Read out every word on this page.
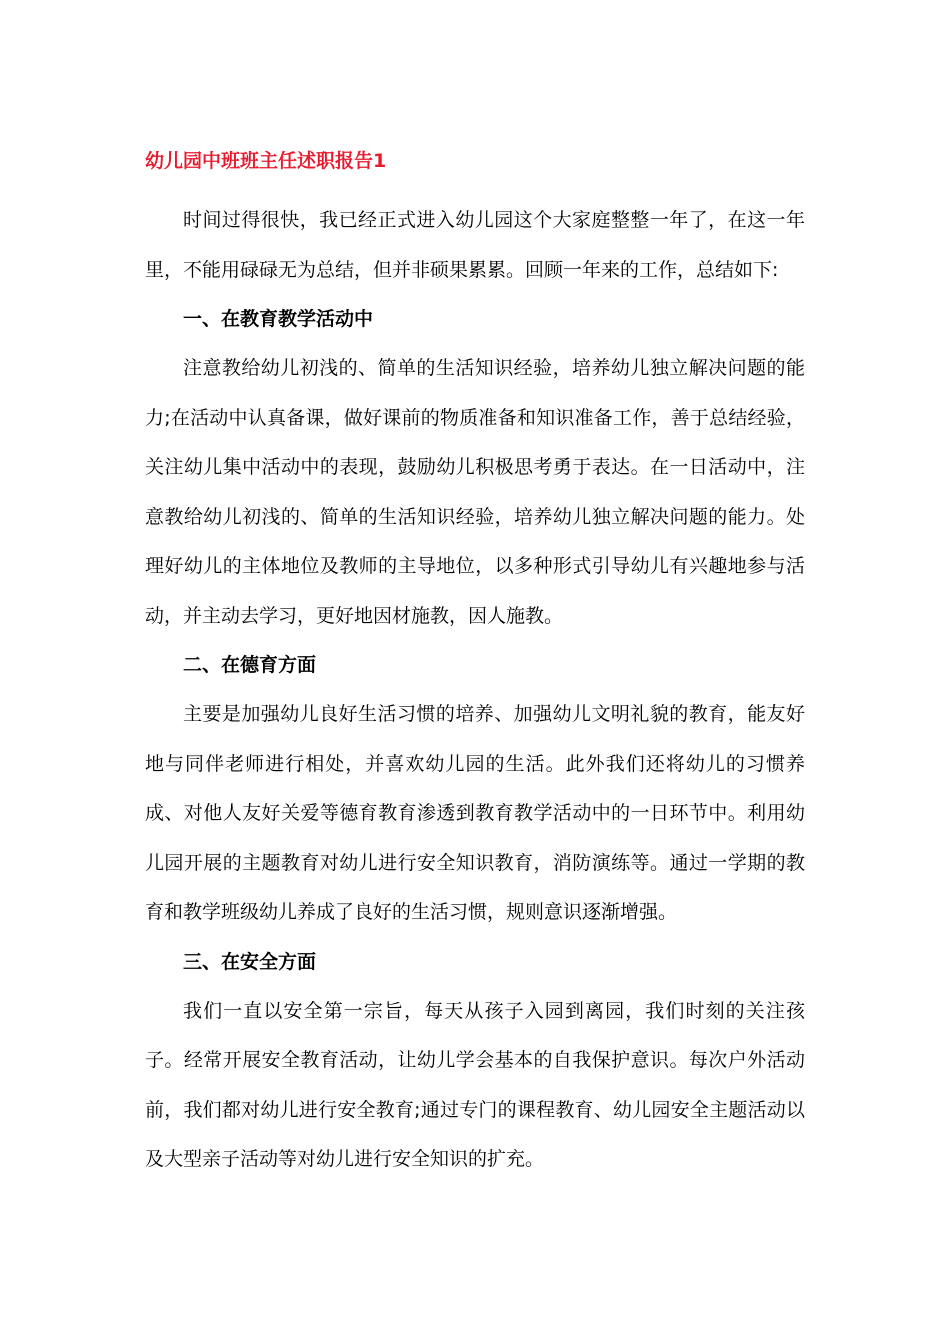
幼儿园中班班主任述职报告1

时间过得很快，我已经正式进入幼儿园这个大家庭整整一年了，在这一年里，不能用碌碌无为总结，但并非硕果累累。回顾一年来的工作，总结如下:

一、在教育教学活动中

注意教给幼儿初浅的、简单的生活知识经验，培养幼儿独立解决问题的能力;在活动中认真备课，做好课前的物质准备和知识准备工作，善于总结经验，关注幼儿集中活动中的表现，鼓励幼儿积极思考勇于表达。在一日活动中，注意教给幼儿初浅的、简单的生活知识经验，培养幼儿独立解决问题的能力。处理好幼儿的主体地位及教师的主导地位，以多种形式引导幼儿有兴趣地参与活动，并主动去学习，更好地因材施教，因人施教。

二、在德育方面

主要是加强幼儿良好生活习惯的培养、加强幼儿文明礼貌的教育，能友好地与同伴老师进行相处，并喜欢幼儿园的生活。此外我们还将幼儿的习惯养成、对他人友好关爱等德育教育渗透到教育教学活动中的一日环节中。利用幼儿园开展的主题教育对幼儿进行安全知识教育，消防演练等。通过一学期的教育和教学班级幼儿养成了良好的生活习惯，规则意识逐渐增强。

三、在安全方面

我们一直以安全第一宗旨，每天从孩子入园到离园，我们时刻的关注孩子。经常开展安全教育活动，让幼儿学会基本的自我保护意识。每次户外活动前，我们都对幼儿进行安全教育;通过专门的课程教育、幼儿园安全主题活动以及大型亲子活动等对幼儿进行安全知识的扩充。
